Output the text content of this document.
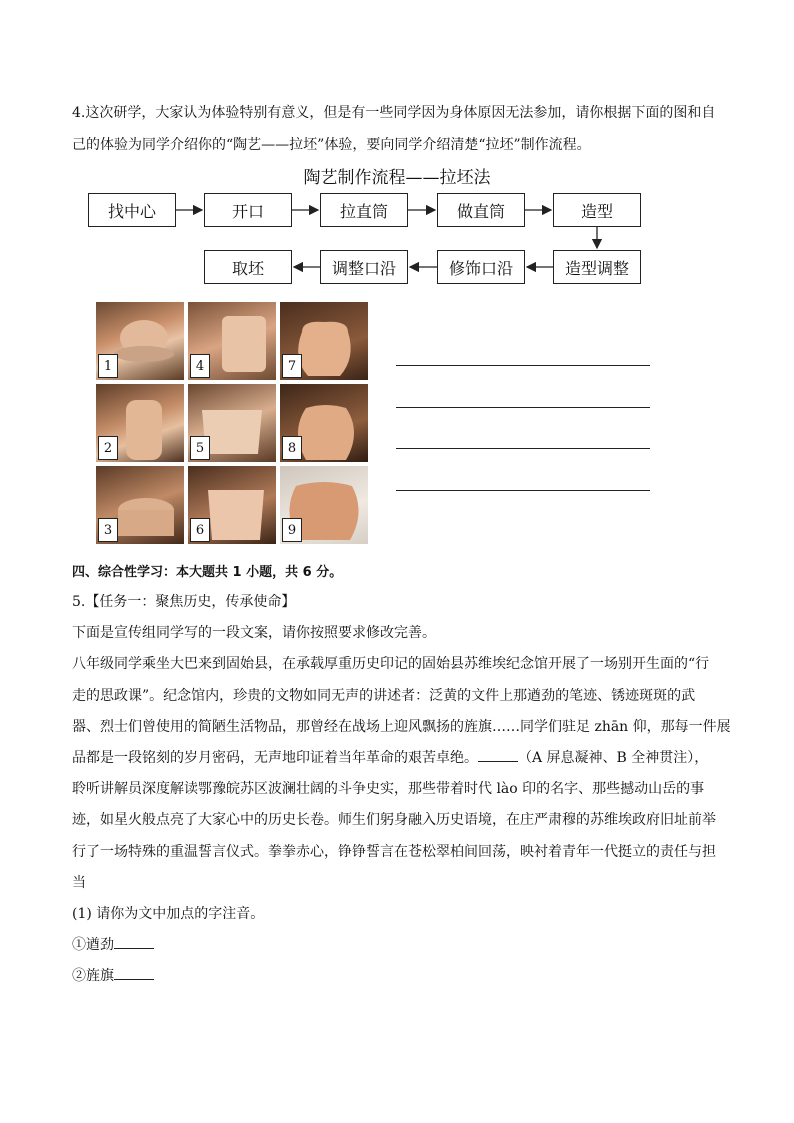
4.这次研学，大家认为体验特别有意义，但是有一些同学因为身体原因无法参加，请你根据下面的图和自
己的体验为同学介绍你的“陶艺——拉坯”体验，要向同学介绍清楚“拉坯”制作流程。
陶艺制作流程——拉坯法
找中心	开口	拉直筒	做直筒	造型
取坯	调整口沿	修饰口沿	造型调整
1	4	7
2	5	8
3	6	9
四、综合性学习：本大题共 1 小题，共 6 分。
5.【任务一：聚焦历史，传承使命】
下面是宣传组同学写的一段文案，请你按照要求修改完善。
八年级同学乘坐大巴来到固始县，在承载厚重历史印记的固始县苏维埃纪念馆开展了一场别开生面的“行
走的思政课”。纪念馆内，珍贵的文物如同无声的讲述者：泛黄的文件上那遒劲的笔迹、锈迹斑斑的武
器、烈士们曾使用的简陋生活物品，那曾经在战场上迎风飘扬的旌旗……同学们驻足 zhān 仰，那每一件展
品都是一段铭刻的岁月密码，无声地印证着当年革命的艰苦卓绝。	（A 屏息凝神、B 全神贯注），
聆听讲解员深度解读鄂豫皖苏区波澜壮阔的斗争史实，那些带着时代 lào 印的名字、那些撼动山岳的事
迹，如星火般点亮了大家心中的历史长卷。师生们躬身融入历史语境，在庄严肃穆的苏维埃政府旧址前举
行了一场特殊的重温誓言仪式。拳拳赤心，铮铮誓言在苍松翠柏间回荡，映衬着青年一代挺立的责任与担
当
(1) 请你为文中加点的字注音。
①遒劲
②旌旗
